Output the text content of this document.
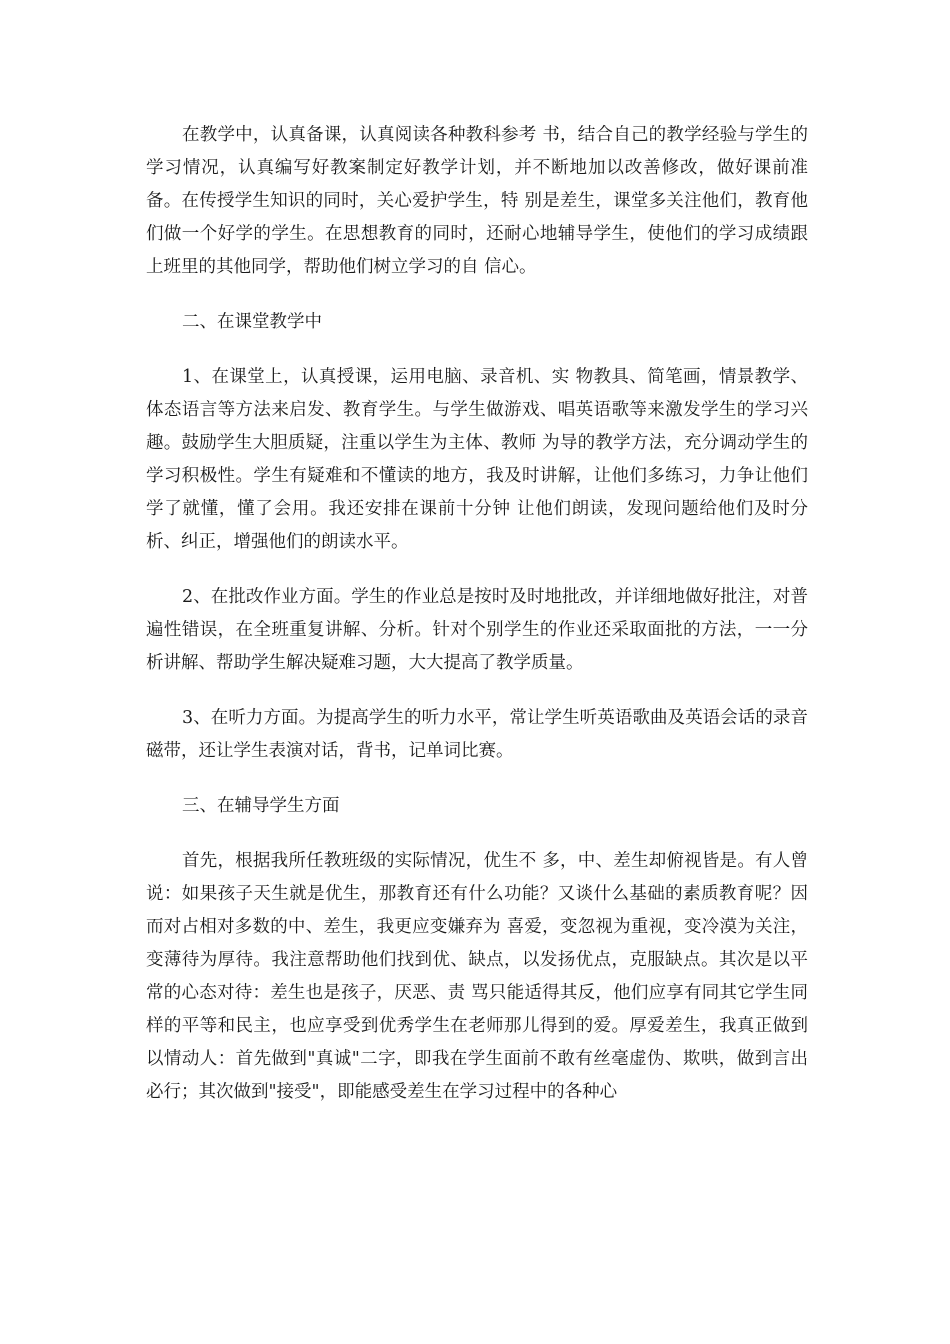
在教学中，认真备课，认真阅读各种教科参考 书，结合自己的教学经验与学生的学习情况，认真编写好教案制定好教学计划，并不断地加以改善修改，做好课前准备。在传授学生知识的同时，关心爱护学生，特 别是差生，课堂多关注他们，教育他们做一个好学的学生。在思想教育的同时，还耐心地辅导学生，使他们的学习成绩跟上班里的其他同学，帮助他们树立学习的自 信心。

二、在课堂教学中

1、在课堂上，认真授课，运用电脑、录音机、实 物教具、简笔画，情景教学、体态语言等方法来启发、教育学生。与学生做游戏、唱英语歌等来激发学生的学习兴趣。鼓励学生大胆质疑，注重以学生为主体、教师 为导的教学方法，充分调动学生的学习积极性。学生有疑难和不懂读的地方，我及时讲解，让他们多练习，力争让他们学了就懂，懂了会用。我还安排在课前十分钟 让他们朗读，发现问题给他们及时分析、纠正，增强他们的朗读水平。

2、在批改作业方面。学生的作业总是按时及时地批改，并详细地做好批注，对普遍性错误，在全班重复讲解、分析。针对个别学生的作业还采取面批的方法，一一分析讲解、帮助学生解决疑难习题，大大提高了教学质量。

3、在听力方面。为提高学生的听力水平，常让学生听英语歌曲及英语会话的录音磁带，还让学生表演对话，背书，记单词比赛。

三、在辅导学生方面

首先，根据我所任教班级的实际情况，优生不 多，中、差生却俯视皆是。有人曾说：如果孩子天生就是优生，那教育还有什么功能？又谈什么基础的素质教育呢？因而对占相对多数的中、差生，我更应变嫌弃为 喜爱，变忽视为重视，变冷漠为关注，变薄待为厚待。我注意帮助他们找到优、缺点，以发扬优点，克服缺点。其次是以平常的心态对待：差生也是孩子，厌恶、责 骂只能适得其反，他们应享有同其它学生同样的平等和民主，也应享受到优秀学生在老师那儿得到的爱。厚爱差生，我真正做到以情动人：首先做到"真诚"二字，即我在学生面前不敢有丝毫虚伪、欺哄，做到言出必行；其次做到"接受"，即能感受差生在学习过程中的各种心
